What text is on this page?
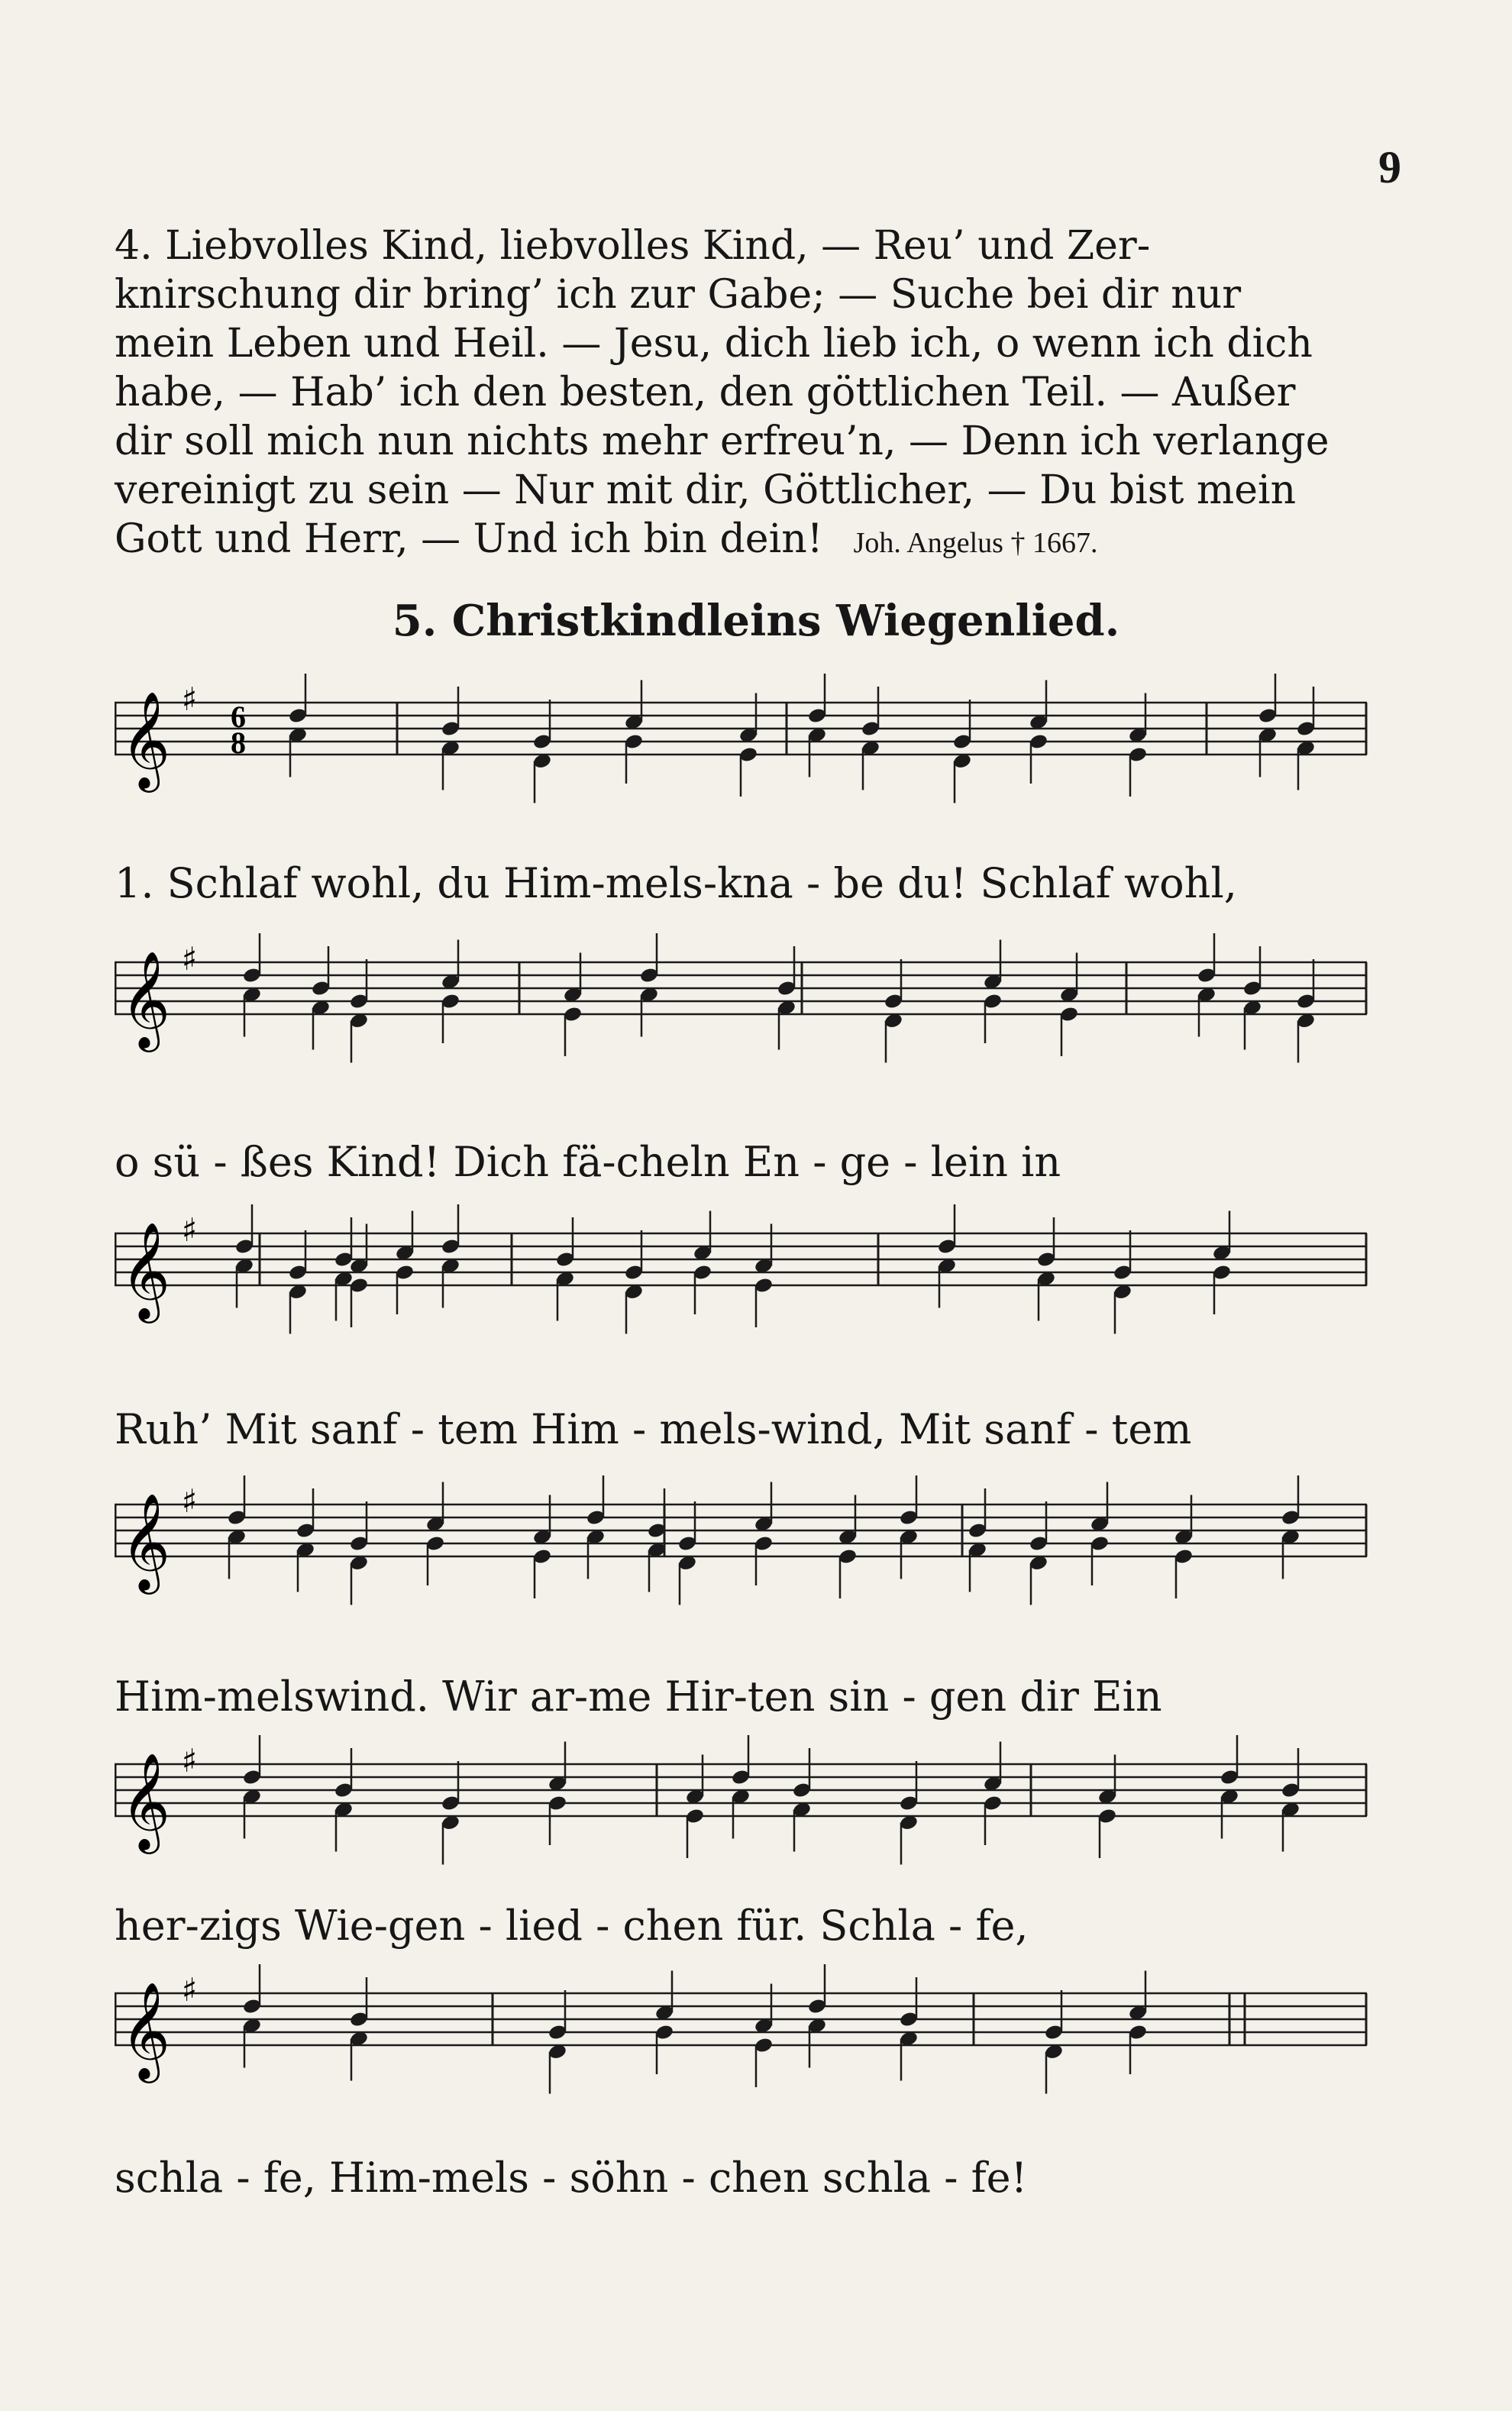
9
4. Liebvolles Kind, liebvolles Kind, — Reu’ und Zer-
knirschung dir bring’ ich zur Gabe; — Suche bei dir nur
mein Leben und Heil. — Jesu, dich lieb ich, o wenn ich dich
habe, — Hab’ ich den besten, den göttlichen Teil. — Außer
dir soll mich nun nichts mehr erfreu’n, — Denn ich verlange
vereinigt zu sein — Nur mit dir, Göttlicher, — Du bist mein
Gott und Herr, — Und ich bin dein! Joh. Angelus † 1667.
5. Christkindleins Wiegenlied.
𝄞 ♯ 6
8
1. Schlaf wohl, du Him-mels-kna - be du! Schlaf wohl,
𝄞 ♯
o sü - ßes Kind! Dich fä-cheln En - ge - lein in
𝄞 ♯
Ruh’ Mit sanf - tem Him - mels-wind, Mit sanf - tem
𝄞 ♯
Him-melswind. Wir ar-me Hir-ten sin - gen dir Ein
𝄞 ♯
her-zigs Wie-gen - lied - chen für. Schla - fe,
𝄞 ♯
schla - fe, Him-mels - söhn - chen schla - fe!
